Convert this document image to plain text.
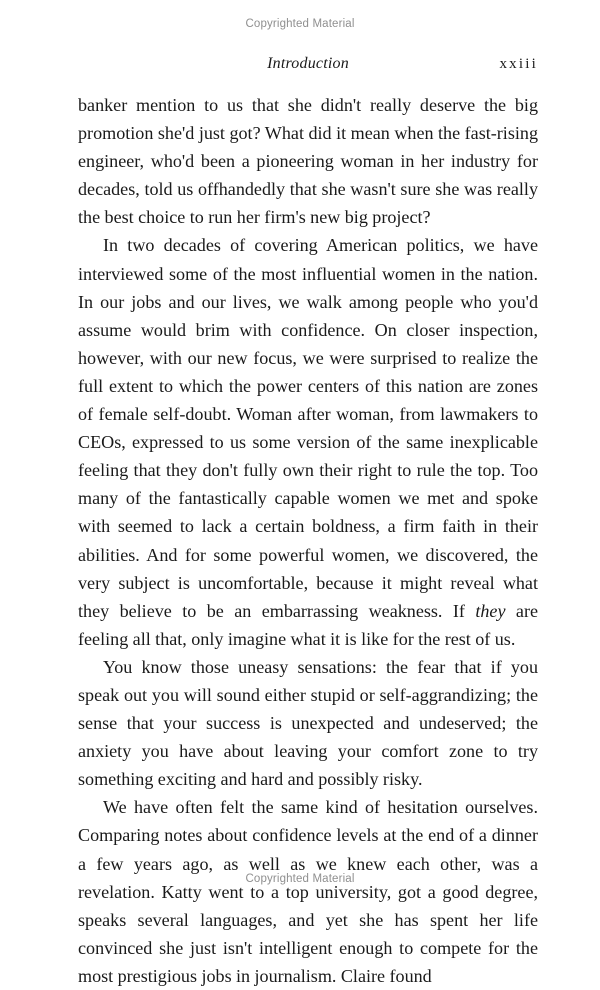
Copyrighted Material
Introduction	xxiii

banker mention to us that she didn't really deserve the big promotion she'd just got? What did it mean when the fast-rising engineer, who'd been a pioneering woman in her industry for decades, told us offhandedly that she wasn't sure she was really the best choice to run her firm's new big project?

In two decades of covering American politics, we have interviewed some of the most influential women in the nation. In our jobs and our lives, we walk among people who you'd assume would brim with confidence. On closer inspection, however, with our new focus, we were surprised to realize the full extent to which the power centers of this nation are zones of female self-doubt. Woman after woman, from lawmakers to CEOs, expressed to us some version of the same inexplicable feeling that they don't fully own their right to rule the top. Too many of the fantastically capable women we met and spoke with seemed to lack a certain boldness, a firm faith in their abilities. And for some powerful women, we discovered, the very subject is uncomfortable, because it might reveal what they believe to be an embarrassing weakness. If they are feeling all that, only imagine what it is like for the rest of us.

You know those uneasy sensations: the fear that if you speak out you will sound either stupid or self-aggrandizing; the sense that your success is unexpected and undeserved; the anxiety you have about leaving your comfort zone to try something exciting and hard and possibly risky.

We have often felt the same kind of hesitation ourselves. Comparing notes about confidence levels at the end of a dinner a few years ago, as well as we knew each other, was a revelation. Katty went to a top university, got a good degree, speaks several languages, and yet she has spent her life convinced she just isn't intelligent enough to compete for the most prestigious jobs in journalism. Claire found

Copyrighted Material
